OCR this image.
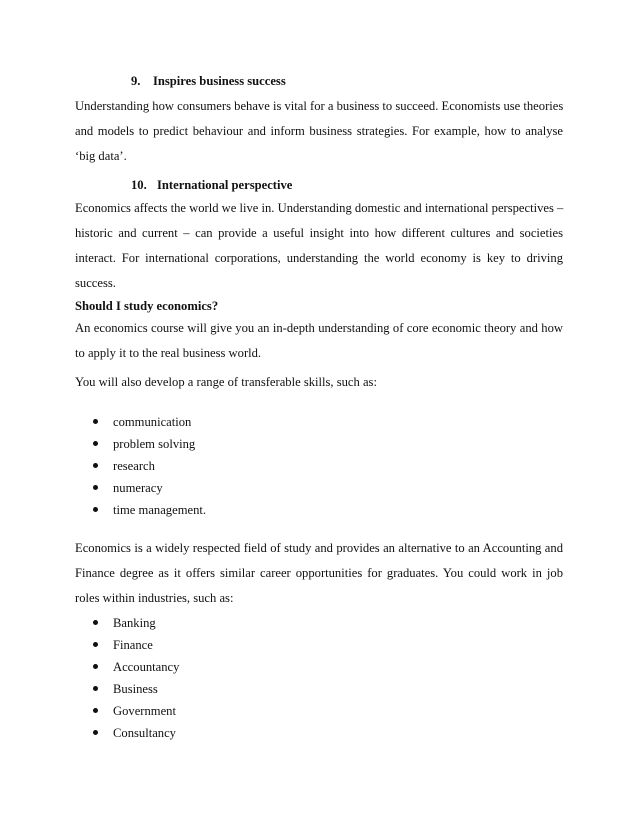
9. Inspires business success
Understanding how consumers behave is vital for a business to succeed. Economists use theories
and models to predict behaviour and inform business strategies. For example, how to analyse
‘big data’.
10. International perspective
Economics affects the world we live in. Understanding domestic and international perspectives –
historic and current – can provide a useful insight into how different cultures and societies
interact. For international corporations, understanding the world economy is key to driving
success.
Should I study economics?
An economics course will give you an in-depth understanding of core economic theory and how
to apply it to the real business world.
You will also develop a range of transferable skills, such as:
communication
problem solving
research
numeracy
time management.
Economics is a widely respected field of study and provides an alternative to an Accounting and
Finance degree as it offers similar career opportunities for graduates. You could work in job
roles within industries, such as:
Banking
Finance
Accountancy
Business
Government
Consultancy
